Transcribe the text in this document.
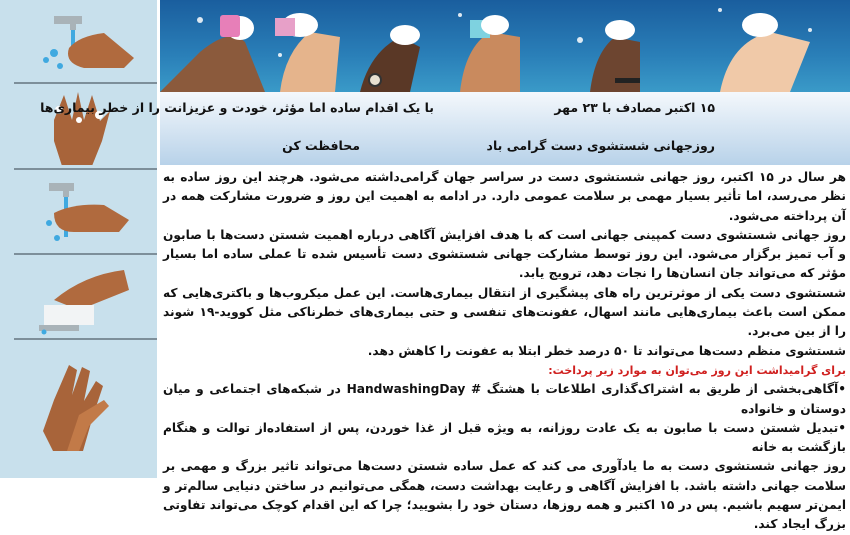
۱۵ اکتبر مصادف با ۲۳ مهر
روزجهانی شستشوی دست گرامی باد
با یک اقدام ساده اما مؤثر، خودت و عزیزانت را از خطر بیماری‌ها
محافظت کن

هر سال در ۱۵ اکتبر، روز جهانی شستشوی دست در سراسر جهان گرامی‌داشته می‌شود. هرچند این روز ساده به نظر می‌رسد، اما تأثیر بسیار مهمی بر سلامت عمومی دارد. در ادامه به اهمیت این روز و ضرورت مشارکت همه در آن پرداخته می‌شود.

روز جهانی شستشوی دست کمپینی جهانی است که با هدف افزایش آگاهی درباره اهمیت شستن دست‌ها با صابون و آب تمیز برگزار می‌شود. این روز توسط مشارکت جهانی شستشوی دست تأسیس شده تا عملی ساده اما بسیار مؤثر که می‌تواند جان انسان‌ها را نجات دهد، ترویج یابد.

شستشوی دست یکی از موثرترین راه های پیشگیری از انتقال بیماری‌هاست. این عمل میکروب‌ها و باکتری‌هایی که ممکن است باعث بیماری‌هایی مانند اسهال، عفونت‌های تنفسی و حتی بیماری‌های خطرناکی مثل کووید-۱۹ شوند را از بین می‌برد.

شستشوی منظم دست‌ها می‌تواند تا ۵۰ درصد خطر ابتلا به عفونت را کاهش دهد.

برای گرامیداشت این روز می‌توان به موارد زیر پرداخت:

•آگاهی‌بخشی از طریق به اشتراک‌گذاری اطلاعات با هشتگ # HandwashingDay در شبکه‌های اجتماعی و میان دوستان و خانواده

•تبدیل شستن دست با صابون به یک عادت روزانه، به ویژه قبل از غذا خوردن، پس از استفاده‌از توالت و هنگام بازگشت به خانه

روز جهانی شستشوی دست به ما یادآوری می کند که عمل ساده شستن دست‌ها می‌تواند تاثیر بزرگ و مهمی بر سلامت جهانی داشته باشد. با افزایش آگاهی و رعایت بهداشت دست، همگی می‌توانیم در ساختن دنیایی سالم‌تر و ایمن‌تر سهیم باشیم. پس در ۱۵ اکتبر و همه روزها، دستان خود را بشویید؛ چرا که این اقدام کوچک می‌تواند تفاوتی بزرگ ایجاد کند.
